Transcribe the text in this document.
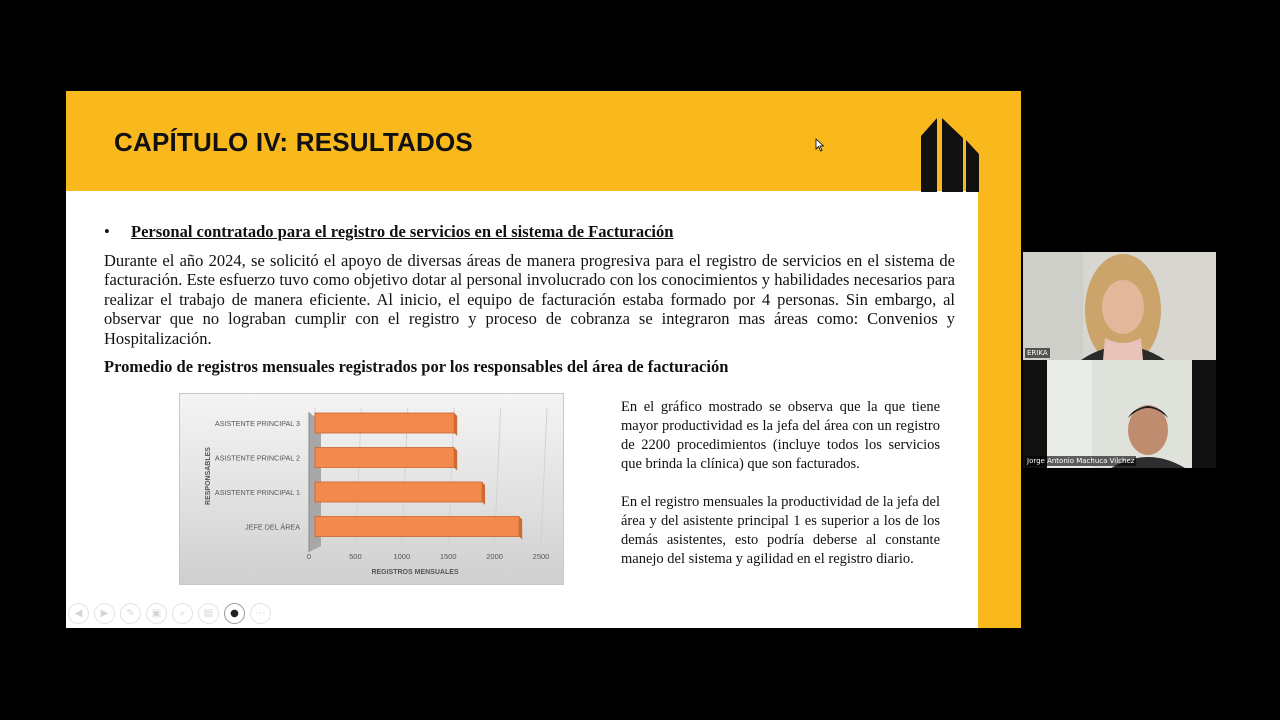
CAPÍTULO IV: RESULTADOS
• Personal contratado para el registro de servicios en el sistema de Facturación
Durante el año 2024, se solicitó el apoyo de diversas áreas de manera progresiva para el registro de servicios en el sistema de facturación. Este esfuerzo tuvo como objetivo dotar al personal involucrado con los conocimientos y habilidades necesarios para realizar el trabajo de manera eficiente. Al inicio, el equipo de facturación estaba formado por 4 personas. Sin embargo, al observar que no lograban cumplir con el registro y proceso de cobranza se integraron mas áreas como: Convenios y Hospitalización.
Promedio de registros mensuales registrados por los responsables del área de facturación
ASISTENTE PRINCIPAL 3
ASISTENTE PRINCIPAL 2
ASISTENTE PRINCIPAL 1
JEFE DEL ÁREA
0	500	1000	1500	2000	2500
REGISTROS MENSUALES
RESPONSABLES

En el gráfico mostrado se observa que la que tiene mayor productividad es la jefa del área con un registro de 2200 procedimientos (incluye todos los servicios que brinda la clínica) que son facturados.

En el registro mensuales la productividad de la jefa del área y del asistente principal 1 es superior a los de los demás asistentes, esto podría deberse al constante manejo del sistema y agilidad en el registro diario.

◀	▶	✎	▣	⌕	▤	●	⋯
ERIKA
Jorge Antonio Machuca Vilchez
